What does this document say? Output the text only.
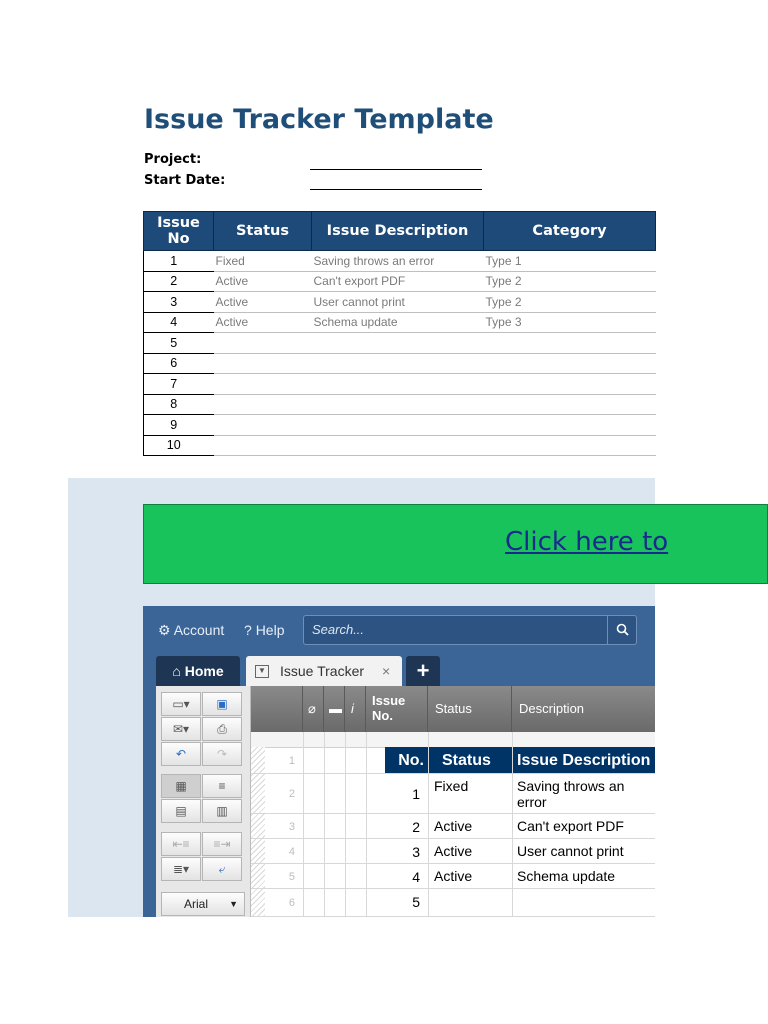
Issue Tracker Template
Project:
Start Date:
Issue No	Status	Issue Description	Category
1	Fixed	Saving throws an error	Type 1
2	Active	Can't export PDF	Type 2
3	Active	User cannot print	Type 2
4	Active	Schema update	Type 3
5			
6			
7			
8			
9			
10			
Click here to
⚙ Account ? Help
Search...
⌂ Home	▼ Issue Tracker ×	+
▭▾	▣
✉▾	⎙
↶	↷
▦	≡
▤	▥
⇤≡	≡⇥
≣▾	⤶
Arial ▼
⌀ ▬ i
Issue No.	Status	Description
No.	Status	Issue Description
1
2	1 Fixed	Saving throws an error
3	2 Active	Can't export PDF
4	3 Active	User cannot print
5	4 Active	Schema update
6	5
